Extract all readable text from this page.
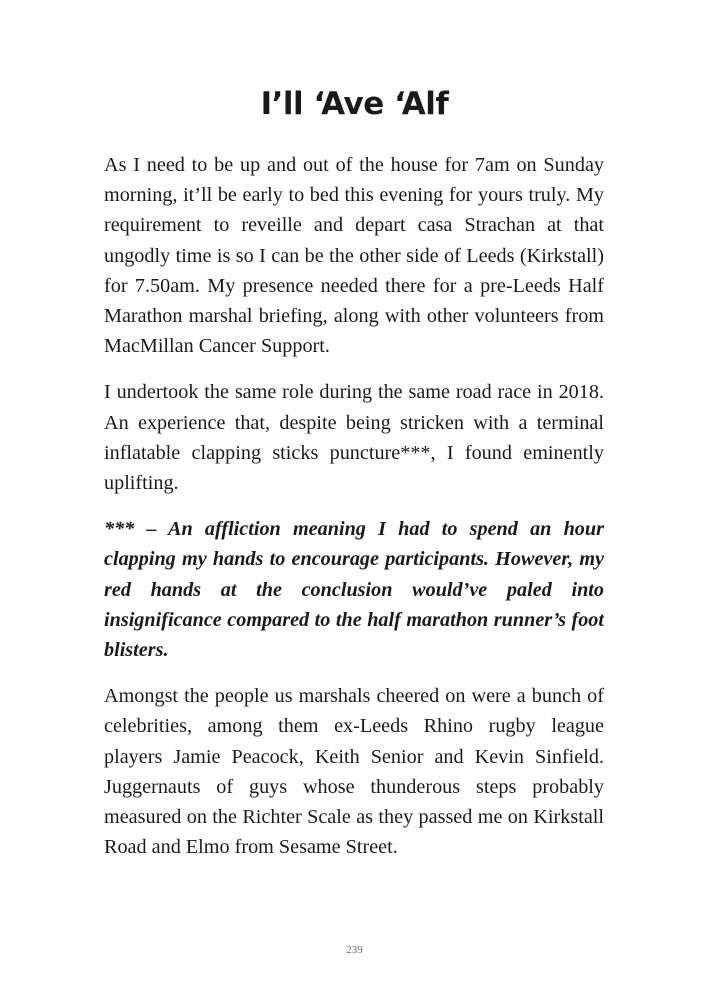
I’ll ‘Ave ‘Alf

As I need to be up and out of the house for 7am on Sunday morning, it’ll be early to bed this evening for yours truly. My requirement to reveille and depart casa Strachan at that ungodly time is so I can be the other side of Leeds (Kirkstall) for 7.50am. My presence needed there for a pre-Leeds Half Marathon marshal briefing, along with other volunteers from MacMillan Cancer Support.

I undertook the same role during the same road race in 2018. An experience that, despite being stricken with a terminal inflatable clapping sticks puncture***, I found eminently uplifting.

*** – An affliction meaning I had to spend an hour clapping my hands to encourage participants. However, my red hands at the conclusion would’ve paled into insignificance compared to the half marathon runner’s foot blisters.

Amongst the people us marshals cheered on were a bunch of celebrities, among them ex-Leeds Rhino rugby league players Jamie Peacock, Keith Senior and Kevin Sinfield. Juggernauts of guys whose thunderous steps probably measured on the Richter Scale as they passed me on Kirkstall Road and Elmo from Sesame Street.

239
